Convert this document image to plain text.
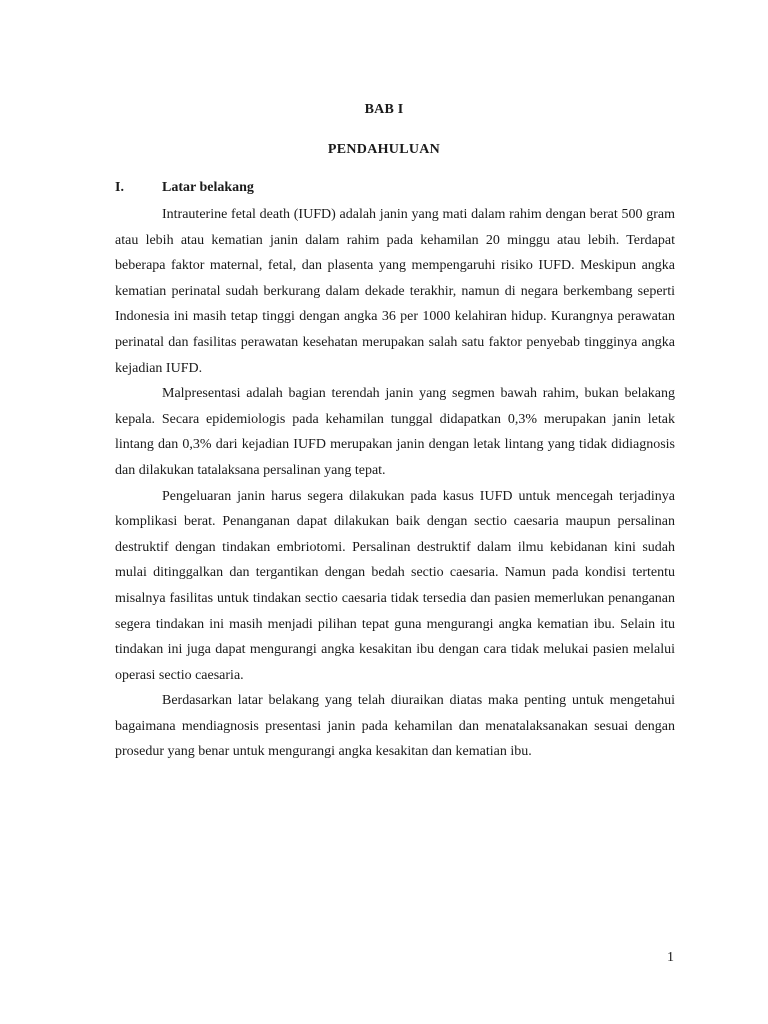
BAB I
PENDAHULUAN
I.	Latar belakang

Intrauterine fetal death (IUFD) adalah janin yang mati dalam rahim dengan berat 500 gram atau lebih atau kematian janin dalam rahim pada kehamilan 20 minggu atau lebih. Terdapat beberapa faktor maternal, fetal, dan plasenta yang mempengaruhi risiko IUFD. Meskipun angka kematian perinatal sudah berkurang dalam dekade terakhir, namun di negara berkembang seperti Indonesia ini masih tetap tinggi dengan angka 36 per 1000 kelahiran hidup. Kurangnya perawatan perinatal dan fasilitas perawatan kesehatan merupakan salah satu faktor penyebab tingginya angka kejadian IUFD.

Malpresentasi adalah bagian terendah janin yang segmen bawah rahim, bukan belakang kepala. Secara epidemiologis pada kehamilan tunggal didapatkan 0,3% merupakan janin letak lintang dan 0,3% dari kejadian IUFD merupakan janin dengan letak lintang yang tidak didiagnosis dan dilakukan tatalaksana persalinan yang tepat.

Pengeluaran janin harus segera dilakukan pada kasus IUFD untuk mencegah terjadinya komplikasi berat. Penanganan dapat dilakukan baik dengan sectio caesaria maupun persalinan destruktif dengan tindakan embriotomi. Persalinan destruktif dalam ilmu kebidanan kini sudah mulai ditinggalkan dan tergantikan dengan bedah sectio caesaria. Namun pada kondisi tertentu misalnya fasilitas untuk tindakan sectio caesaria tidak tersedia dan pasien memerlukan penanganan segera tindakan ini masih menjadi pilihan tepat guna mengurangi angka kematian ibu. Selain itu tindakan ini juga dapat mengurangi angka kesakitan ibu dengan cara tidak melukai pasien melalui operasi sectio caesaria.

Berdasarkan latar belakang yang telah diuraikan diatas maka penting untuk mengetahui bagaimana mendiagnosis presentasi janin pada kehamilan dan menatalaksanakan sesuai dengan prosedur yang benar untuk mengurangi angka kesakitan dan kematian ibu.

1
